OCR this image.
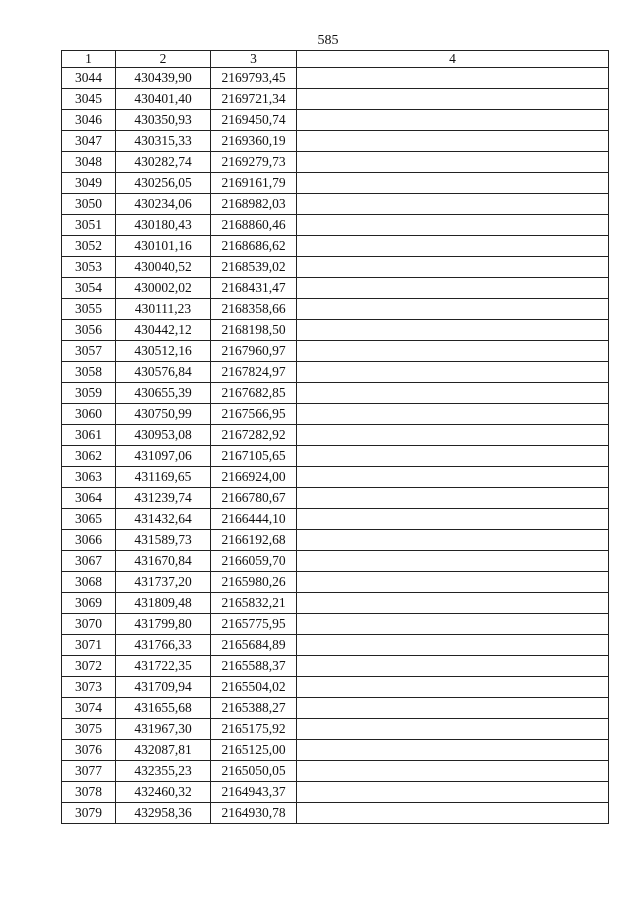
585
1	2	3	4
3044	430439,90	2169793,45	
3045	430401,40	2169721,34	
3046	430350,93	2169450,74	
3047	430315,33	2169360,19	
3048	430282,74	2169279,73	
3049	430256,05	2169161,79	
3050	430234,06	2168982,03	
3051	430180,43	2168860,46	
3052	430101,16	2168686,62	
3053	430040,52	2168539,02	
3054	430002,02	2168431,47	
3055	430111,23	2168358,66	
3056	430442,12	2168198,50	
3057	430512,16	2167960,97	
3058	430576,84	2167824,97	
3059	430655,39	2167682,85	
3060	430750,99	2167566,95	
3061	430953,08	2167282,92	
3062	431097,06	2167105,65	
3063	431169,65	2166924,00	
3064	431239,74	2166780,67	
3065	431432,64	2166444,10	
3066	431589,73	2166192,68	
3067	431670,84	2166059,70	
3068	431737,20	2165980,26	
3069	431809,48	2165832,21	
3070	431799,80	2165775,95	
3071	431766,33	2165684,89	
3072	431722,35	2165588,37	
3073	431709,94	2165504,02	
3074	431655,68	2165388,27	
3075	431967,30	2165175,92	
3076	432087,81	2165125,00	
3077	432355,23	2165050,05	
3078	432460,32	2164943,37	
3079	432958,36	2164930,78	
